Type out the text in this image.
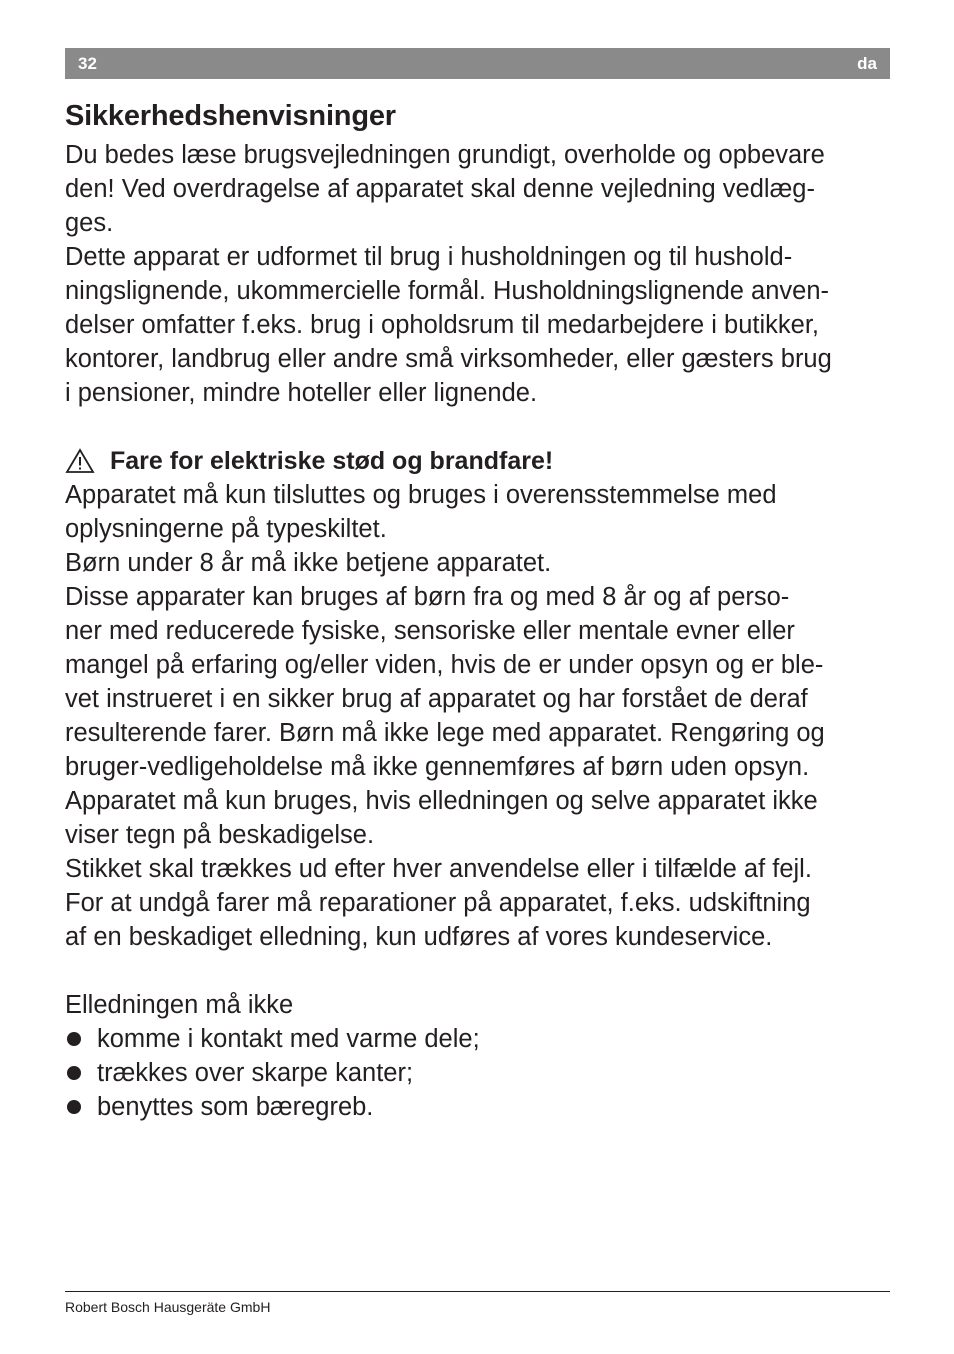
32	da
Sikkerhedshenvisninger
Du bedes læse brugsvejledningen grundigt, overholde og opbevare
den! Ved overdragelse af apparatet skal denne vejledning vedlæg-
ges.
Dette apparat er udformet til brug i husholdningen og til hushold-
ningslignende, ukommercielle formål. Husholdningslignende anven-
delser omfatter f.eks. brug i opholdsrum til medarbejdere i butikker,
kontorer, landbrug eller andre små virksomheder, eller gæsters brug
i pensioner, mindre hoteller eller lignende.
Fare for elektriske stød og brandfare!
Apparatet må kun tilsluttes og bruges i overensstemmelse med
oplysningerne på typeskiltet.
Børn under 8 år må ikke betjene apparatet.
Disse apparater kan bruges af børn fra og med 8 år og af perso-
ner med reducerede fysiske, sensoriske eller mentale evner eller
mangel på erfaring og/eller viden, hvis de er under opsyn og er ble-
vet instrueret i en sikker brug af apparatet og har forstået de deraf
resulterende farer. Børn må ikke lege med apparatet. Rengøring og
bruger-vedligeholdelse må ikke gennemføres af børn uden opsyn.
Apparatet må kun bruges, hvis elledningen og selve apparatet ikke
viser tegn på beskadigelse.
Stikket skal trækkes ud efter hver anvendelse eller i tilfælde af fejl.
For at undgå farer må reparationer på apparatet, f.eks. udskiftning
af en beskadiget elledning, kun udføres af vores kundeservice.
Elledningen må ikke
komme i kontakt med varme dele;
trækkes over skarpe kanter;
benyttes som bæregreb.
Robert Bosch Hausgeräte GmbH
